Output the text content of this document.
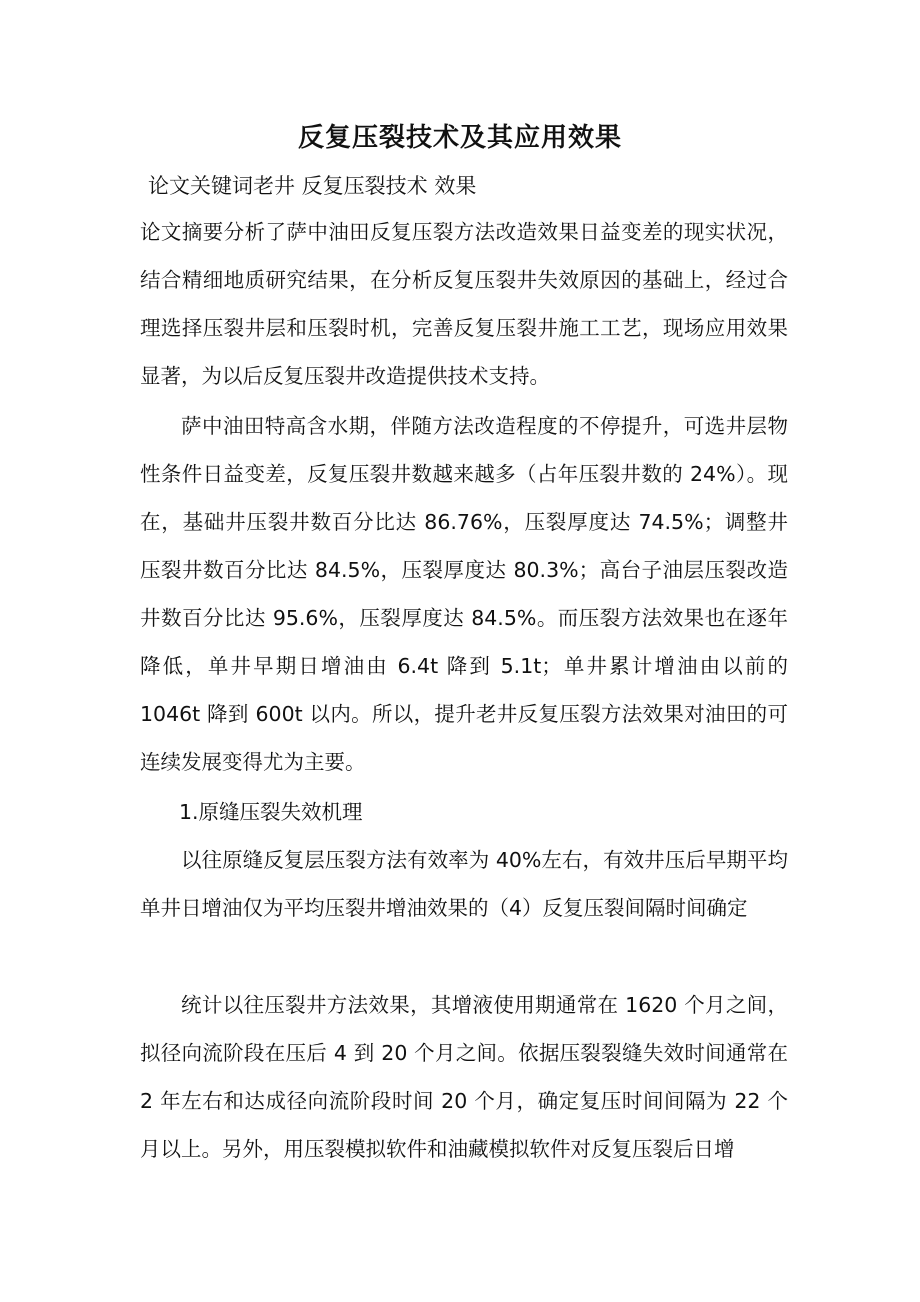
反复压裂技术及其应用效果
论文关键词老井 反复压裂技术 效果
论文摘要分析了萨中油田反复压裂方法改造效果日益变差的现实状况，结合精细地质研究结果，在分析反复压裂井失效原因的基础上，经过合理选择压裂井层和压裂时机，完善反复压裂井施工工艺，现场应用效果显著，为以后反复压裂井改造提供技术支持。
萨中油田特高含水期，伴随方法改造程度的不停提升，可选井层物性条件日益变差，反复压裂井数越来越多（占年压裂井数的 24%）。现在，基础井压裂井数百分比达 86.76%，压裂厚度达 74.5%；调整井压裂井数百分比达 84.5%，压裂厚度达 80.3%；高台子油层压裂改造井数百分比达 95.6%，压裂厚度达 84.5%。而压裂方法效果也在逐年降低，单井早期日增油由 6.4t 降到 5.1t；单井累计增油由以前的 1046t 降到 600t 以内。所以，提升老井反复压裂方法效果对油田的可连续发展变得尤为主要。
1.原缝压裂失效机理
以往原缝反复层压裂方法有效率为 40%左右，有效井压后早期平均单井日增油仅为平均压裂井增油效果的（4）反复压裂间隔时间确定
统计以往压裂井方法效果，其增液使用期通常在 1620 个月之间，拟径向流阶段在压后 4 到 20 个月之间。依据压裂裂缝失效时间通常在 2 年左右和达成径向流阶段时间 20 个月，确定复压时间间隔为 22 个月以上。另外，用压裂模拟软件和油藏模拟软件对反复压裂后日增
